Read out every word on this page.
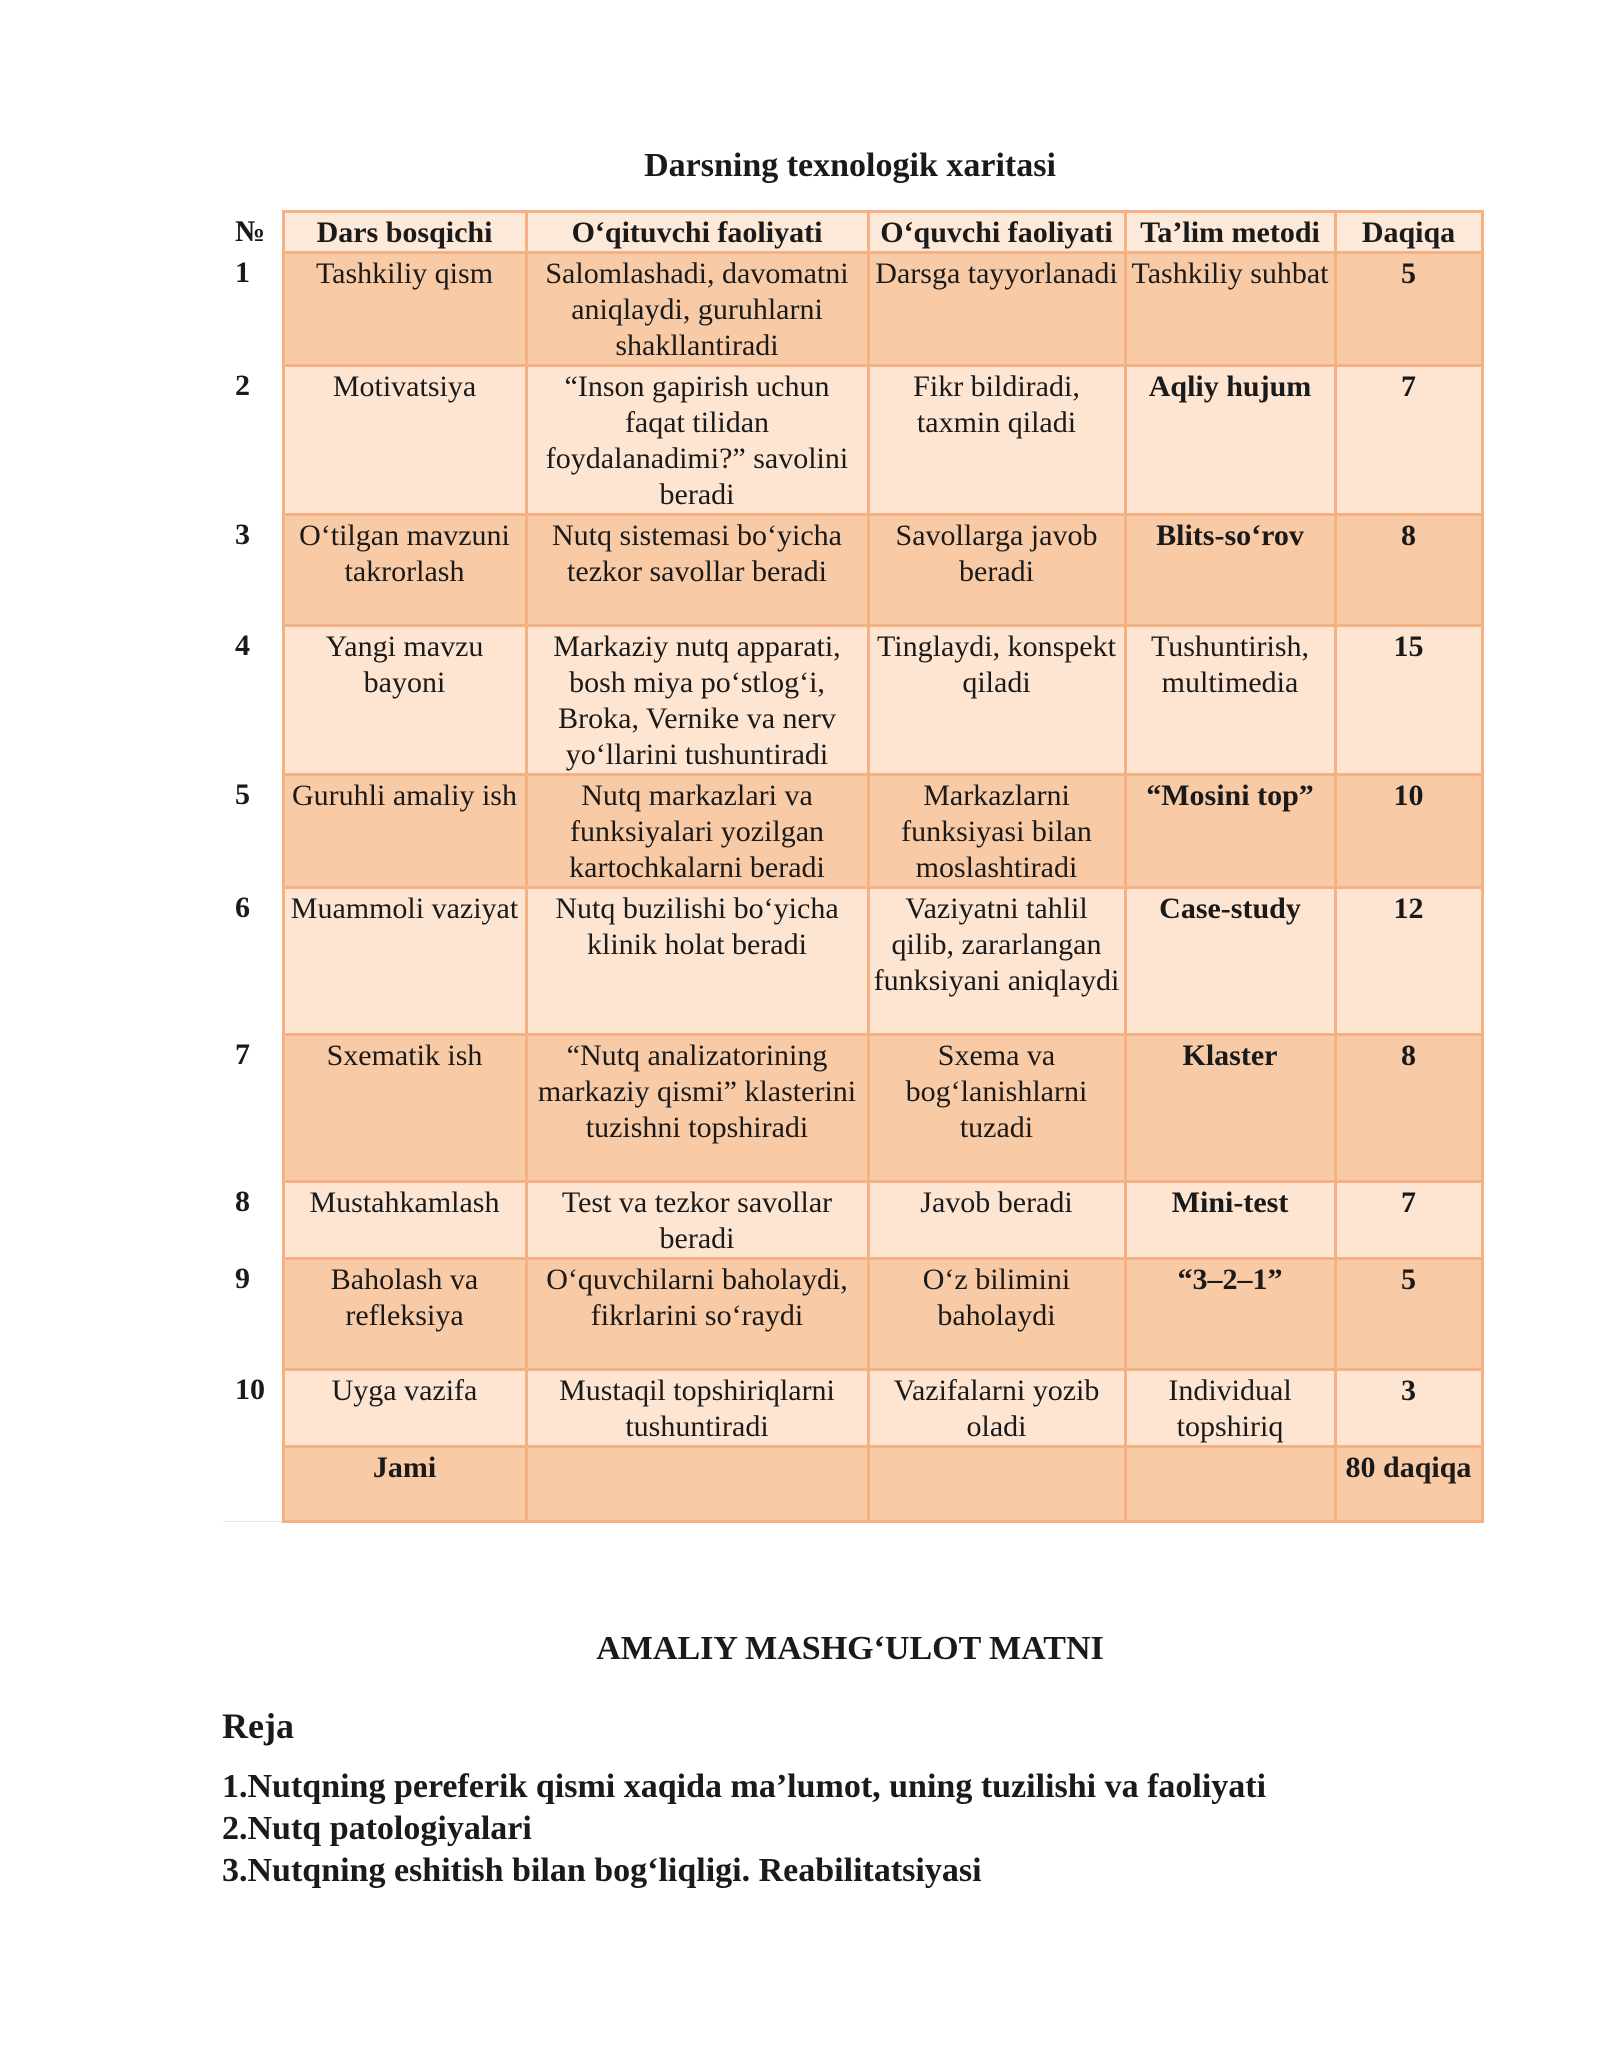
Darsning texnologik xaritasi
№	Dars bosqichi	O‘qituvchi faoliyati	O‘quvchi faoliyati	Ta’lim metodi	Daqiqa
1	Tashkiliy qism	Salomlashadi, davomatni aniqlaydi, guruhlarni shakllantiradi	Darsga tayyorlanadi	Tashkiliy suhbat	5
2	Motivatsiya	“Inson gapirish uchun faqat tilidan foydalanadimi?” savolini beradi	Fikr bildiradi, taxmin qiladi	Aqliy hujum	7
3	O‘tilgan mavzuni takrorlash	Nutq sistemasi bo‘yicha tezkor savollar beradi	Savollarga javob beradi	Blits-so‘rov	8
4	Yangi mavzu bayoni	Markaziy nutq apparati, bosh miya po‘stlog‘i, Broka, Vernike va nerv yo‘llarini tushuntiradi	Tinglaydi, konspekt qiladi	Tushuntirish, multimedia	15
5	Guruhli amaliy ish	Nutq markazlari va funksiyalari yozilgan kartochkalarni beradi	Markazlarni funksiyasi bilan moslashtiradi	“Mosini top”	10
6	Muammoli vaziyat	Nutq buzilishi bo‘yicha klinik holat beradi	Vaziyatni tahlil qilib, zararlangan funksiyani aniqlaydi	Case-study	12
7	Sxematik ish	“Nutq analizatorining markaziy qismi” klasterini tuzishni topshiradi	Sxema va bog‘lanishlarni tuzadi	Klaster	8
8	Mustahkamlash	Test va tezkor savollar beradi	Javob beradi	Mini-test	7
9	Baholash va refleksiya	O‘quvchilarni baholaydi, fikrlarini so‘raydi	O‘z bilimini baholaydi	“3–2–1”	5
10	Uyga vazifa	Mustaqil topshiriqlarni tushuntiradi	Vazifalarni yozib oladi	Individual topshiriq	3
	Jami				80 daqiqa
AMALIY MASHG‘ULOT MATNI
Reja
1.Nutqning pereferik qismi xaqida ma’lumot, uning tuzilishi va faoliyati
2.Nutq patologiyalari
3.Nutqning eshitish bilan bog‘liqligi. Reabilitatsiyasi
